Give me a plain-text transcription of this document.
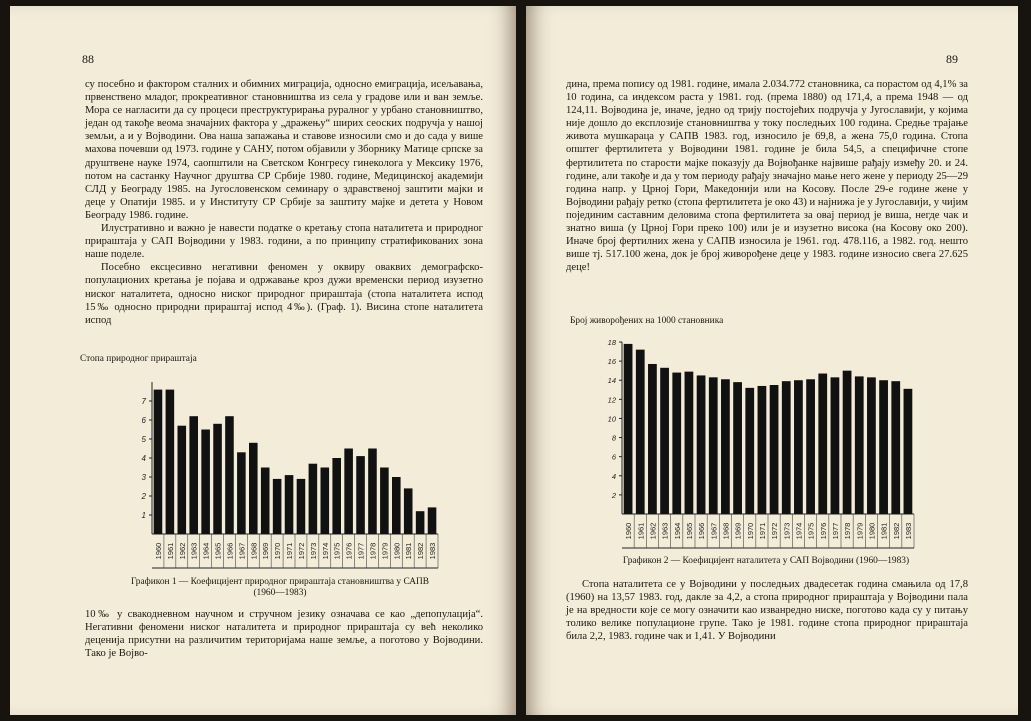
88

су посебно и фактором сталних и обимних миграција, односно емиграција, исељавања, првенствено младог, прокреативног становништва из села у градове или и ван земље. Мора се нагласити да су процеси преструктурирања руралног у урбано становништво, један од такође веома значајних фактора у „дражењу“ ширих сеоских подручја у нашој земљи, а и у Војводини. Ова наша запажања и ставове износили смо и до сада у више махова почевши од 1973. године у САНУ, потом објавили у Зборнику Матице српске за друштвене науке 1974, саопштили на Светском Конгресу гинеколога у Мексику 1976, потом на састанку Научног друштва СР Србије 1980. године, Медицинској академији СЛД у Београду 1985. на Југословенском семинару о здравственој заштити мајки и деце у Опатији 1985. и у Институту СР Србије за заштиту мајке и детета у Новом Београду 1986. године.

Илустративно и важно је навести податке о кретању стопа наталитета и природног прираштаја у САП Војводини у 1983. години, а по принципу стратификованих зона наше поделе.

Посебно ексцесивно негативни феномен у оквиру оваквих демографско-популационих кретања је појава и одржавање кроз дужи временски период изузетно ниског наталитета, односно ниског природног прираштаја (стопа наталитета испод 15‰ односно природни прираштај испод 4‰). (Граф. 1). Висина стопе наталитета испод

Стопа природног прираштаја
1
2
3
4
5
6
7
1960 1961 1962 1963 1964 1965 1966 1967 1968 1969 1970 1971 1972 1973 1974 1975 1976 1977 1978 1979 1980 1981 1982 1983
Графикон 1 — Коефицијент природног прираштаја становништва у САПВ (1960—1983)

10‰ у свакодневном научном и стручном језику означава се као „депопулација“. Негативни феномени ниског наталитета и природног прираштаја су већ неколико деценија присутни на различитим територијама наше земље, а поготово у Војводини. Тако је Војво-

89

дина, према попису од 1981. године, имала 2.034.772 становника, са порастом од 4,1% за 10 година, са индексом раста у 1981. год. (према 1880) од 171,4, а према 1948 — од 124,11. Војводина је, иначе, једно од трију постојећих подручја у Југославији, у којима није дошло до експлозије становништва у току последњих 100 година. Средње трајање живота мушкараца у САПВ 1983. год, износило је 69,8, а жена 75,0 година. Стопа општег фертилитета у Војводини 1981. године је била 54,5, а специфичне стопе фертилитета по старости мајке показују да Војвођанке највише рађају између 20. и 24. године, али такође и да у том периоду рађају значајно мање него жене у периоду 25—29 година напр. у Црној Гори, Македонији или на Косову. После 29-е године жене у Војводини рађају ретко (стопа фертилитета је око 43) и најнижа је у Југославији, у чијим појединим саставним деловима стопа фертилитета за овај период је виша, негде чак и знатно виша (у Црној Гори преко 100) или је и изузетно висока (на Косову око 200). Иначе број фертилних жена у САПВ износила је 1961. год. 478.116, а 1982. год. нешто више тј. 517.100 жена, док је број живорођене деце у 1983. године износио свега 27.625 деце!

Број живорођених на 1000 становника
2
4
6
8
10
12
14
16
18
1960 1961 1962 1963 1964 1965 1966 1967 1968 1969 1970 1971 1972 1973 1974 1975 1976 1977 1978 1979 1980 1981 1982 1983
Графикон 2 — Коефицијент наталитета у САП Војводини (1960—1983)

Стопа наталитета се у Војводини у последњих двадесетак година смањила од 17,8 (1960) на 13,57 1983. год, дакле за 4,2, а стопа природног прираштаја у Војводини пала је на вредности које се могу означити као изванредно ниске, поготово када су у питању толико велике популационе групе. Тако је 1981. године стопа природног прираштаја била 2,2, 1983. године чак и 1,41. У Војводини
